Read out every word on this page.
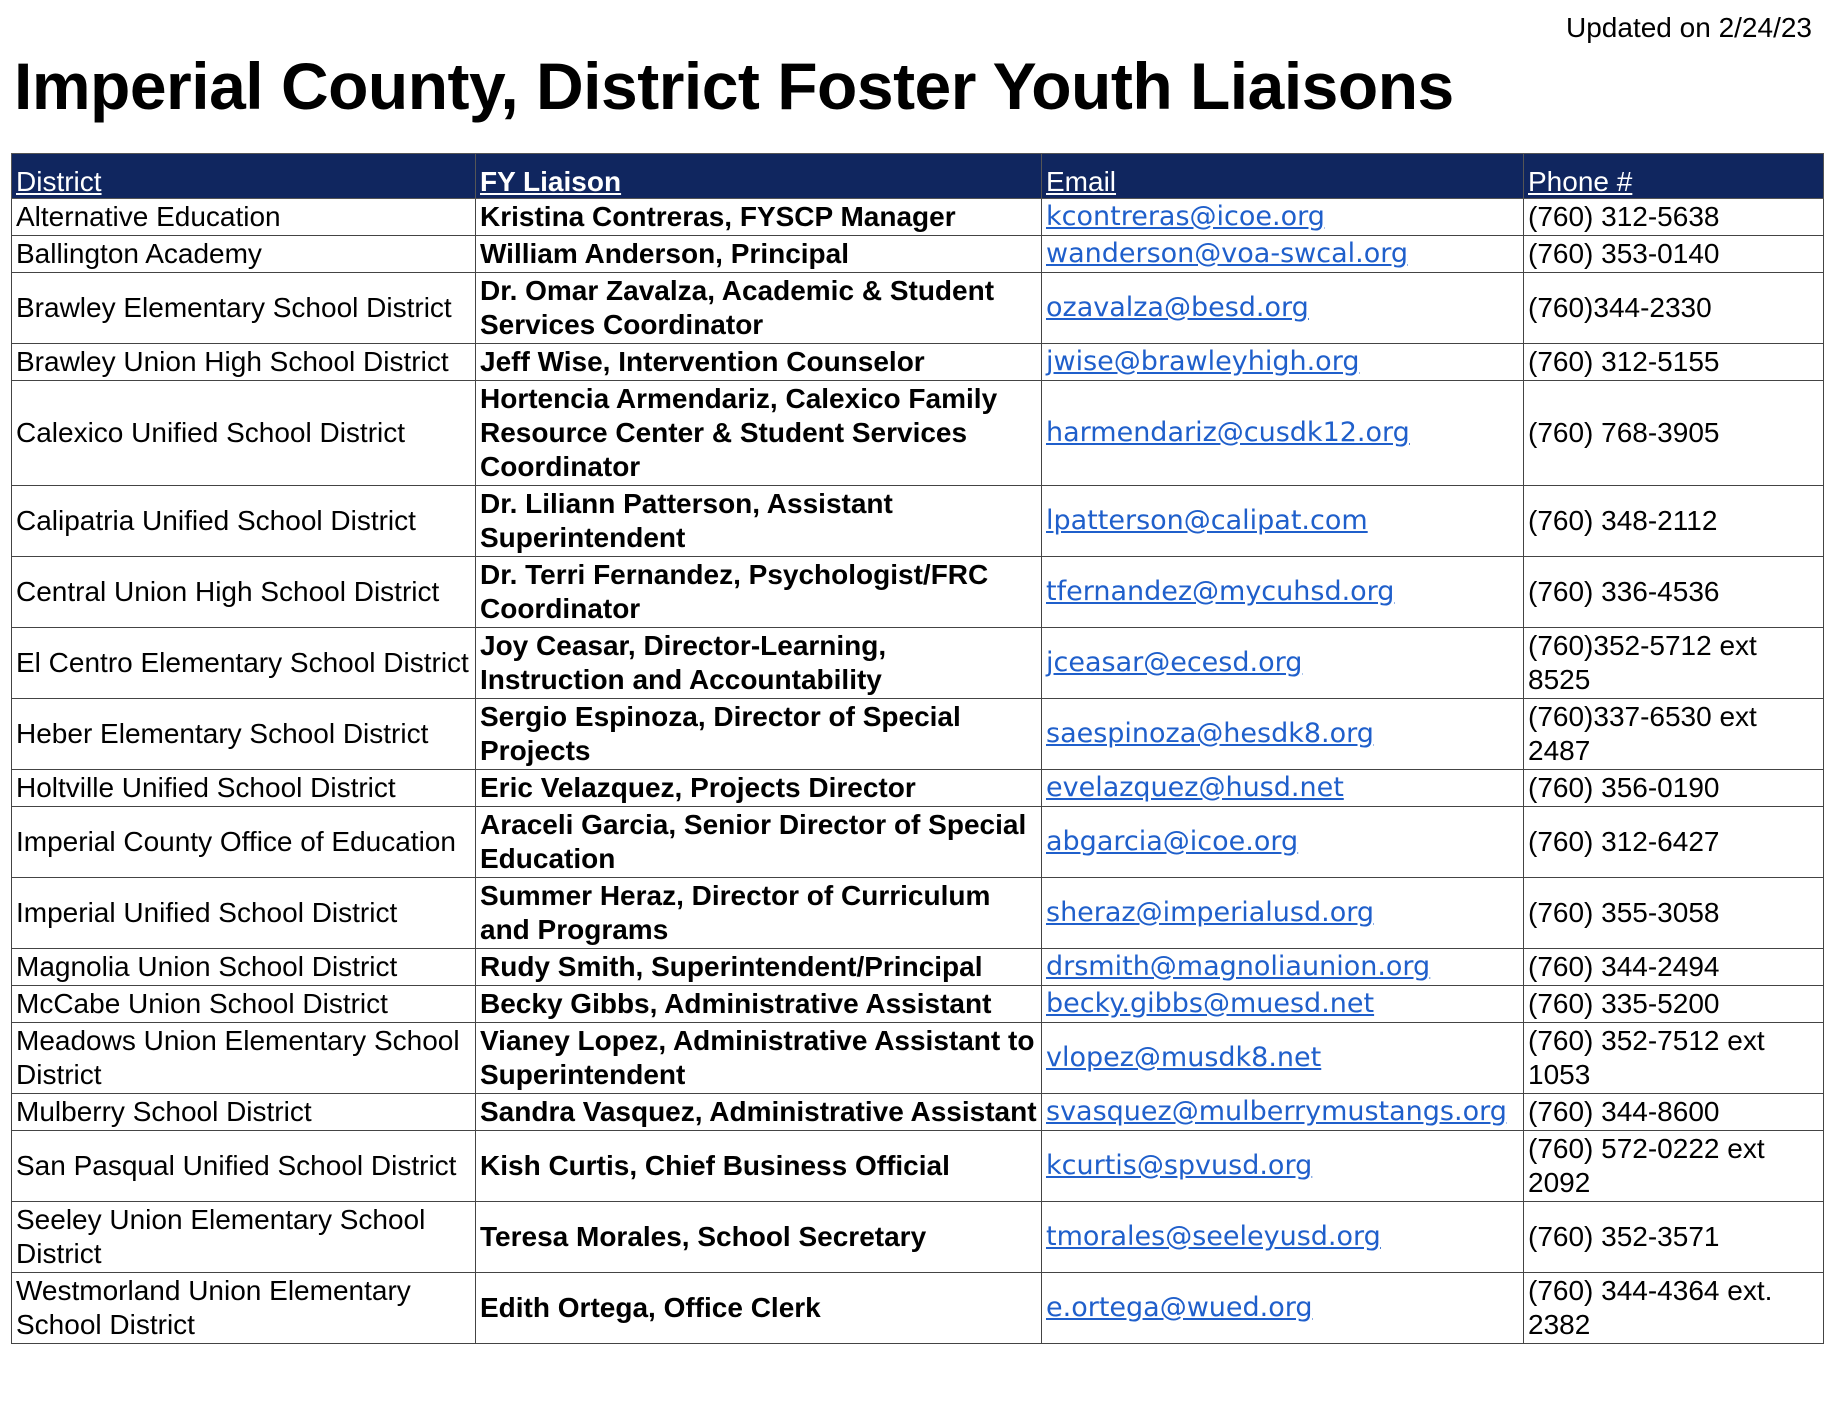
Updated on 2/24/23
Imperial County, District Foster Youth Liaisons
District	FY Liaison	Email	Phone #
Alternative Education	Kristina Contreras, FYSCP Manager	kcontreras@icoe.org	(760) 312-5638
Ballington Academy	William Anderson, Principal	wanderson@voa-swcal.org	(760) 353-0140
Brawley Elementary School District	Dr. Omar Zavalza, Academic & Student Services Coordinator	ozavalza@besd.org	(760)344-2330
Brawley Union High School District	Jeff Wise, Intervention Counselor	jwise@brawleyhigh.org	(760) 312-5155
Calexico Unified School District	Hortencia Armendariz, Calexico Family Resource Center & Student Services Coordinator	harmendariz@cusdk12.org	(760) 768-3905
Calipatria Unified School District	Dr. Liliann Patterson, Assistant Superintendent	lpatterson@calipat.com	(760) 348-2112
Central Union High School District	Dr. Terri Fernandez, Psychologist/FRC Coordinator	tfernandez@mycuhsd.org	(760) 336-4536
El Centro Elementary School District	Joy Ceasar, Director-Learning, Instruction and Accountability	jceasar@ecesd.org	(760)352-5712 ext 8525
Heber Elementary School District	Sergio Espinoza, Director of Special Projects	saespinoza@hesdk8.org	(760)337-6530 ext 2487
Holtville Unified School District	Eric Velazquez, Projects Director	evelazquez@husd.net	(760) 356-0190
Imperial County Office of Education	Araceli Garcia, Senior Director of Special Education	abgarcia@icoe.org	(760) 312-6427
Imperial Unified School District	Summer Heraz, Director of Curriculum and Programs	sheraz@imperialusd.org	(760) 355-3058
Magnolia Union School District	Rudy Smith, Superintendent/Principal	drsmith@magnoliaunion.org	(760) 344-2494
McCabe Union School District	Becky Gibbs, Administrative Assistant	becky.gibbs@muesd.net	(760) 335-5200
Meadows Union Elementary School District	Vianey Lopez, Administrative Assistant to Superintendent	vlopez@musdk8.net	(760) 352-7512 ext 1053
Mulberry School District	Sandra Vasquez, Administrative Assistant	svasquez@mulberrymustangs.org	(760) 344-8600
San Pasqual Unified School District	Kish Curtis, Chief Business Official	kcurtis@spvusd.org	(760) 572-0222 ext 2092
Seeley Union Elementary School District	Teresa Morales, School Secretary	tmorales@seeleyusd.org	(760) 352-3571
Westmorland Union Elementary School District	Edith Ortega, Office Clerk	e.ortega@wued.org	(760) 344-4364 ext. 2382
